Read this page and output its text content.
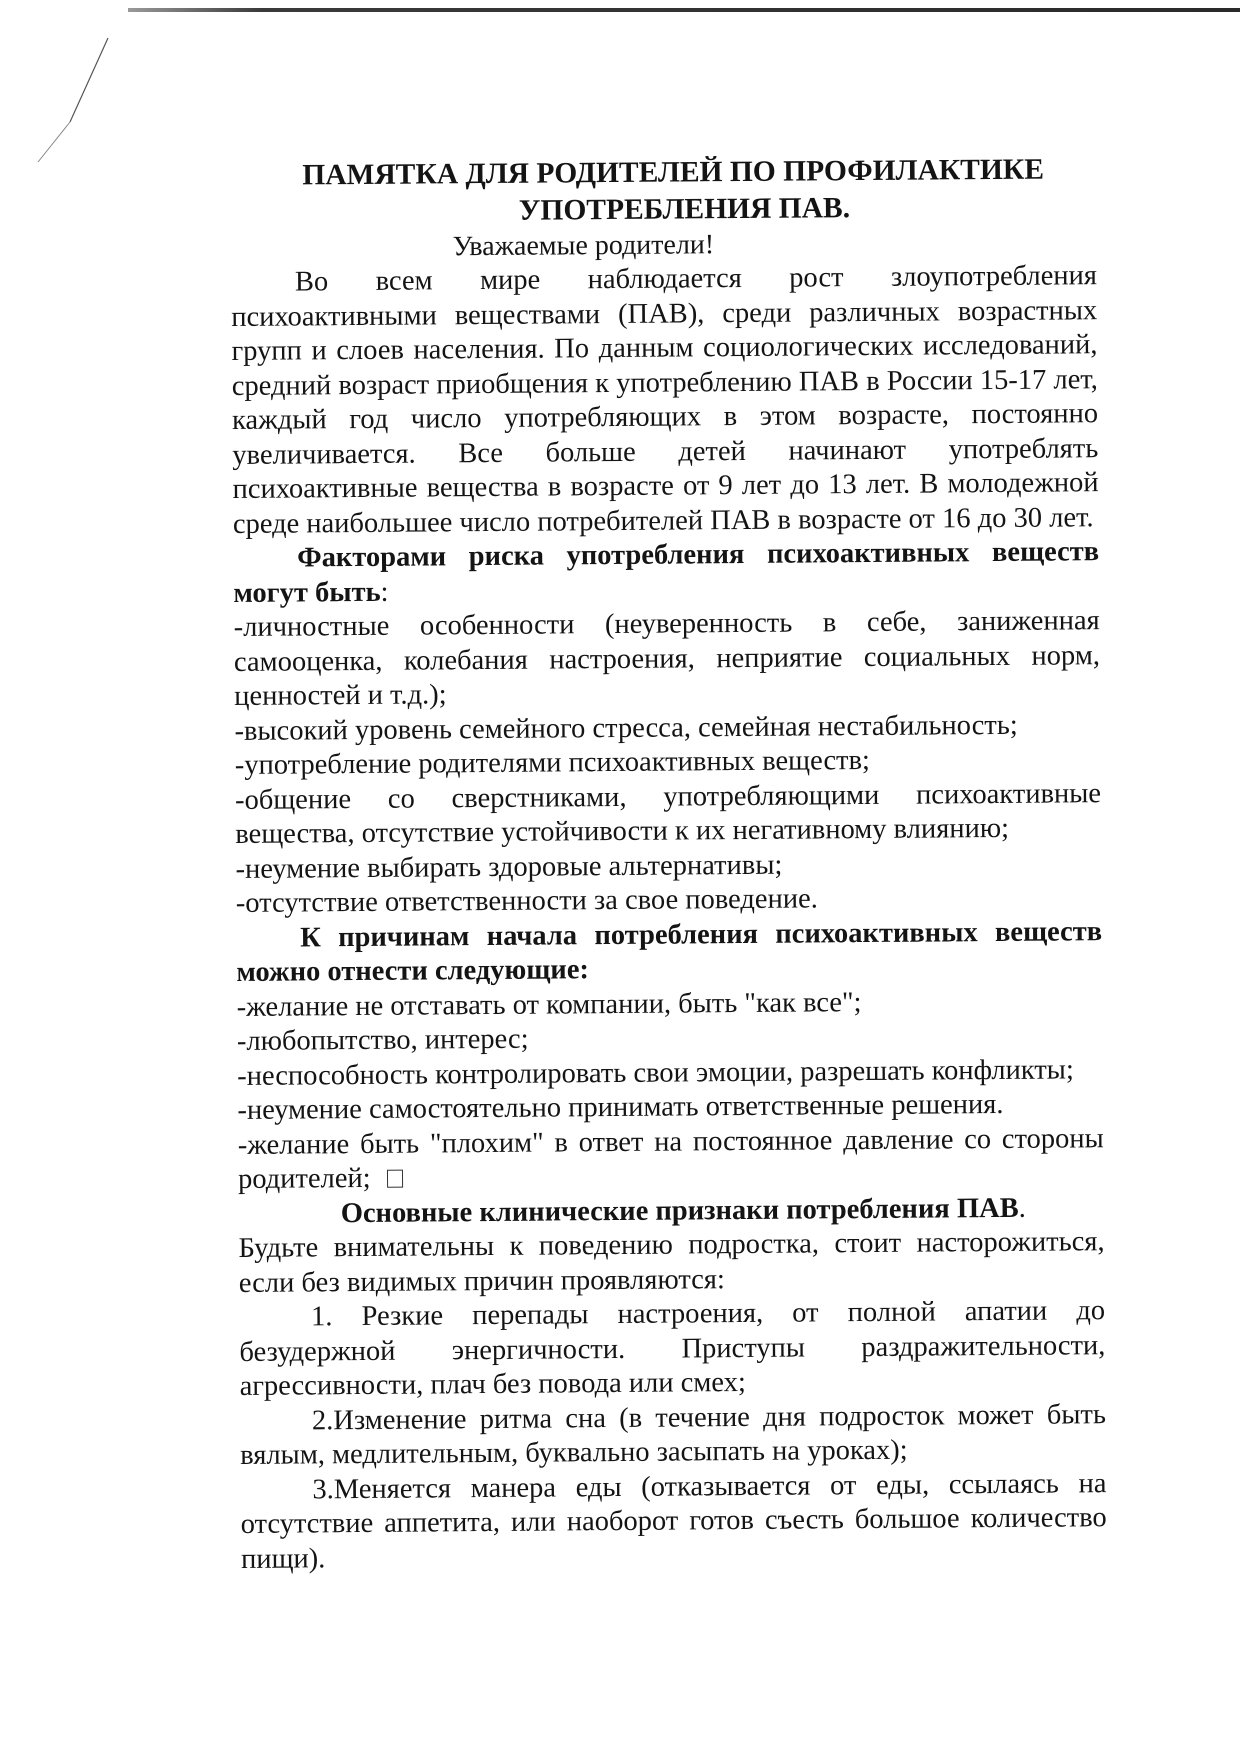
ПАМЯТКА ДЛЯ РОДИТЕЛЕЙ ПО ПРОФИЛАКТИКЕ
УПОТРЕБЛЕНИЯ ПАВ.
Уважаемые родители!

Во всем мире наблюдается рост злоупотребления психоактивными веществами (ПАВ), среди различных возрастных групп и слоев населения. По данным социологических исследований, средний возраст приобщения к употреблению ПАВ в России 15-17 лет, каждый год число употребляющих в этом возрасте, постоянно увеличивается. Все больше детей начинают употреблять психоактивные вещества в возрасте от 9 лет до 13 лет. В молодежной среде наибольшее число потребителей ПАВ в возрасте от 16 до 30 лет.

Факторами риска употребления психоактивных веществ могут быть:

-личностные особенности (неуверенность в себе, заниженная самооценка, колебания настроения, неприятие социальных норм, ценностей и т.д.);

-высокий уровень семейного стресса, семейная нестабильность;

-употребление родителями психоактивных веществ;

-общение со сверстниками, употребляющими психоактивные вещества, отсутствие устойчивости к их негативному влиянию;

-неумение выбирать здоровые альтернативы;

-отсутствие ответственности за свое поведение.

К причинам начала потребления психоактивных веществ можно отнести следующие:

-желание не отставать от компании, быть "как все";

-любопытство, интерес;

-неспособность контролировать свои эмоции, разрешать конфликты;

-неумение самостоятельно принимать ответственные решения.

-желание быть "плохим" в ответ на постоянное давление со стороны родителей;

Основные клинические признаки потребления ПАВ.

Будьте внимательны к поведению подростка, стоит насторожиться, если без видимых причин проявляются:

1. Резкие перепады настроения, от полной апатии до безудержной энергичности. Приступы раздражительности, агрессивности, плач без повода или смех;

2.Изменение ритма сна (в течение дня подросток может быть вялым, медлительным, буквально засыпать на уроках);

3.Меняется манера еды (отказывается от еды, ссылаясь на отсутствие аппетита, или наоборот готов съесть большое количество пищи).
